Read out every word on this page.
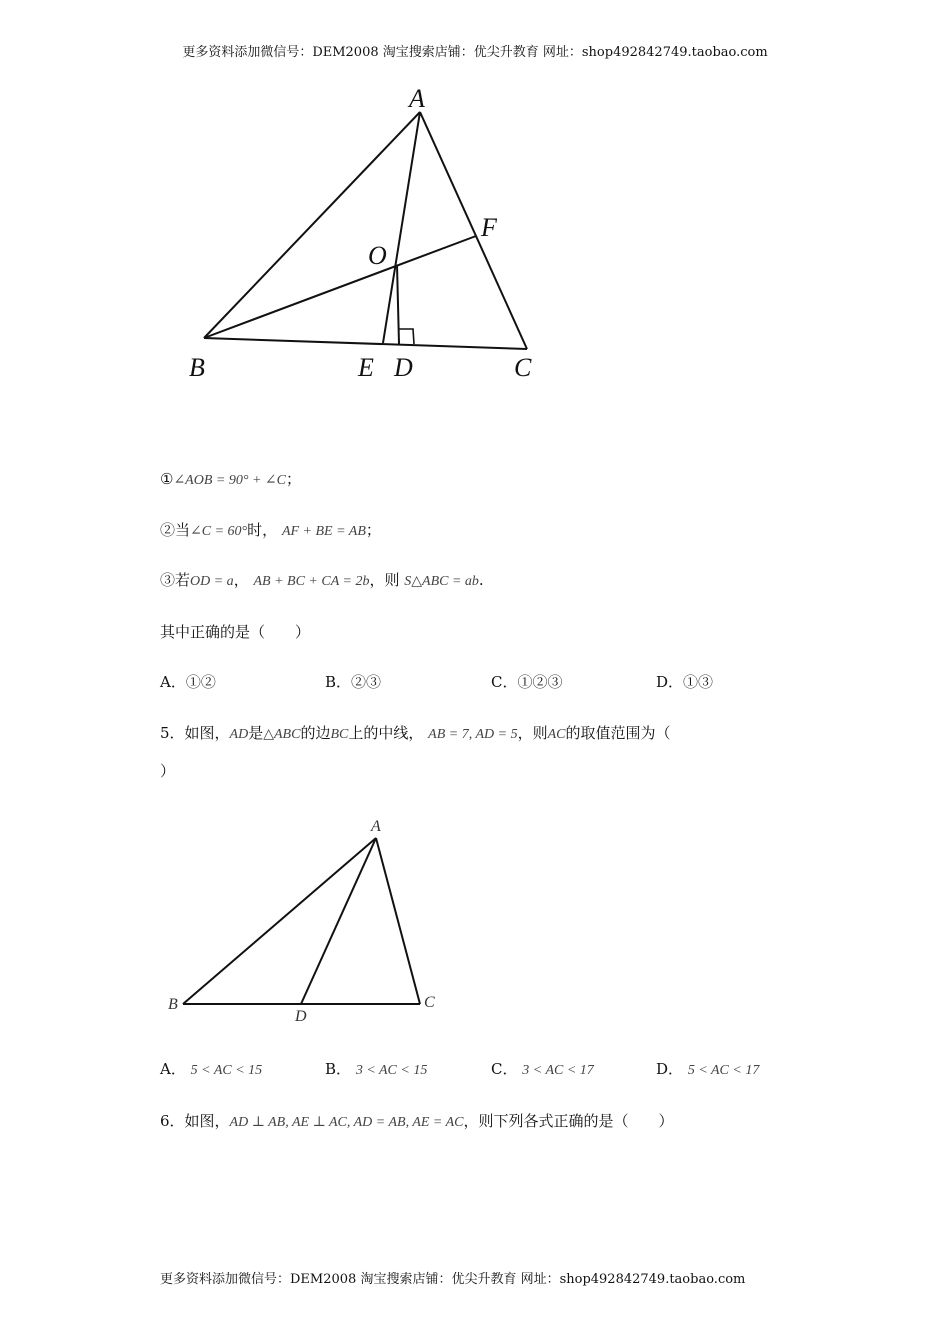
更多资料添加微信号：DEM2008 淘宝搜索店铺：优尖升教育 网址：shop492842749.taobao.com
A
B	C
D
E
F
O
①∠AOB = 90° + ∠C；
②当∠C = 60°时， AF + BE = AB；
③若OD = a， AB + BC + CA = 2b，则 S△ABC = ab.
其中正确的是（　　）
A．①②	B．②③	C．①②③	D．①③
5．如图，AD是△ABC的边BC上的中线， AB = 7, AD = 5，则AC的取值范围为（
）
A
B	C
D
A． 5 < AC < 15	B． 3 < AC < 15	C． 3 < AC < 17	D． 5 < AC < 17
6．如图，AD ⊥ AB, AE ⊥ AC, AD = AB, AE = AC，则下列各式正确的是（　　）
更多资料添加微信号：DEM2008 淘宝搜索店铺：优尖升教育 网址：shop492842749.taobao.com
